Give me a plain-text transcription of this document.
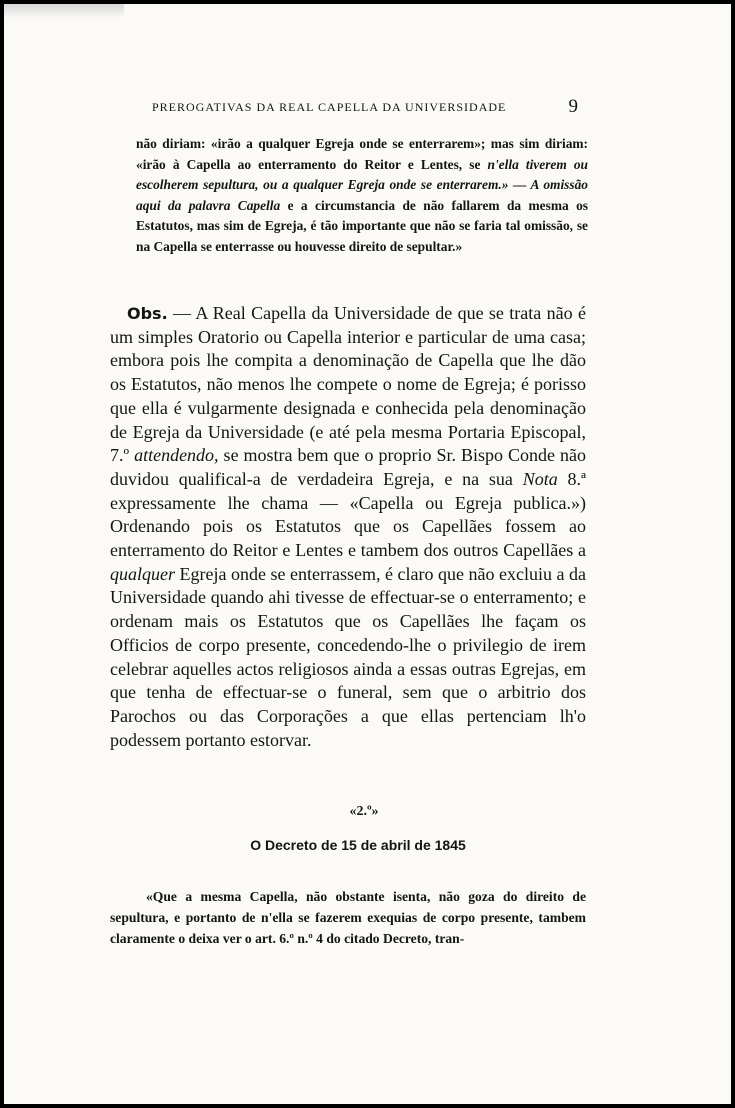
PREROGATIVAS DA REAL CAPELLA DA UNIVERSIDADE	9
não diriam: «irão a qualquer Egreja onde se enterrarem»; mas sim diriam: «irão à Capella ao enterramento do Reitor e Lentes, se n'ella tiverem ou escolherem sepultura, ou a qualquer Egreja onde se enterrarem.» — A omissão aqui da palavra Capella e a circumstancia de não fallarem da mesma os Estatutos, mas sim de Egreja, é tão importante que não se faria tal omissão, se na Capella se enterrasse ou houvesse direito de sepultar.»
Obs. — A Real Capella da Universidade de que se trata não é um simples Oratorio ou Capella interior e particular de uma casa; embora pois lhe compita a denominação de Capella que lhe dão os Estatutos, não menos lhe compete o nome de Egreja; é porisso que ella é vulgarmente designada e conhecida pela denominação de Egreja da Universidade (e até pela mesma Portaria Episcopal, 7.º attendendo, se mostra bem que o proprio Sr. Bispo Conde não duvidou qualifical-a de verdadeira Egreja, e na sua Nota 8.ª expressamente lhe chama — «Capella ou Egreja publica.») Ordenando pois os Estatutos que os Capellães fossem ao enterramento do Reitor e Lentes e tambem dos outros Capellães a qualquer Egreja onde se enterrassem, é claro que não excluiu a da Universidade quando ahi tivesse de effectuar-se o enterramento; e ordenam mais os Estatutos que os Capellães lhe façam os Officios de corpo presente, concedendo-lhe o privilegio de irem celebrar aquelles actos religiosos ainda a essas outras Egrejas, em que tenha de effectuar-se o funeral, sem que o arbitrio dos Parochos ou das Corporações a que ellas pertenciam lh'o podessem portanto estorvar.
«2.º»
O Decreto de 15 de abril de 1845
«Que a mesma Capella, não obstante isenta, não goza do direito de sepultura, e portanto de n'ella se fazerem exequias de corpo presente, tambem claramente o deixa ver o art. 6.º n.º 4 do citado Decreto, tran-
